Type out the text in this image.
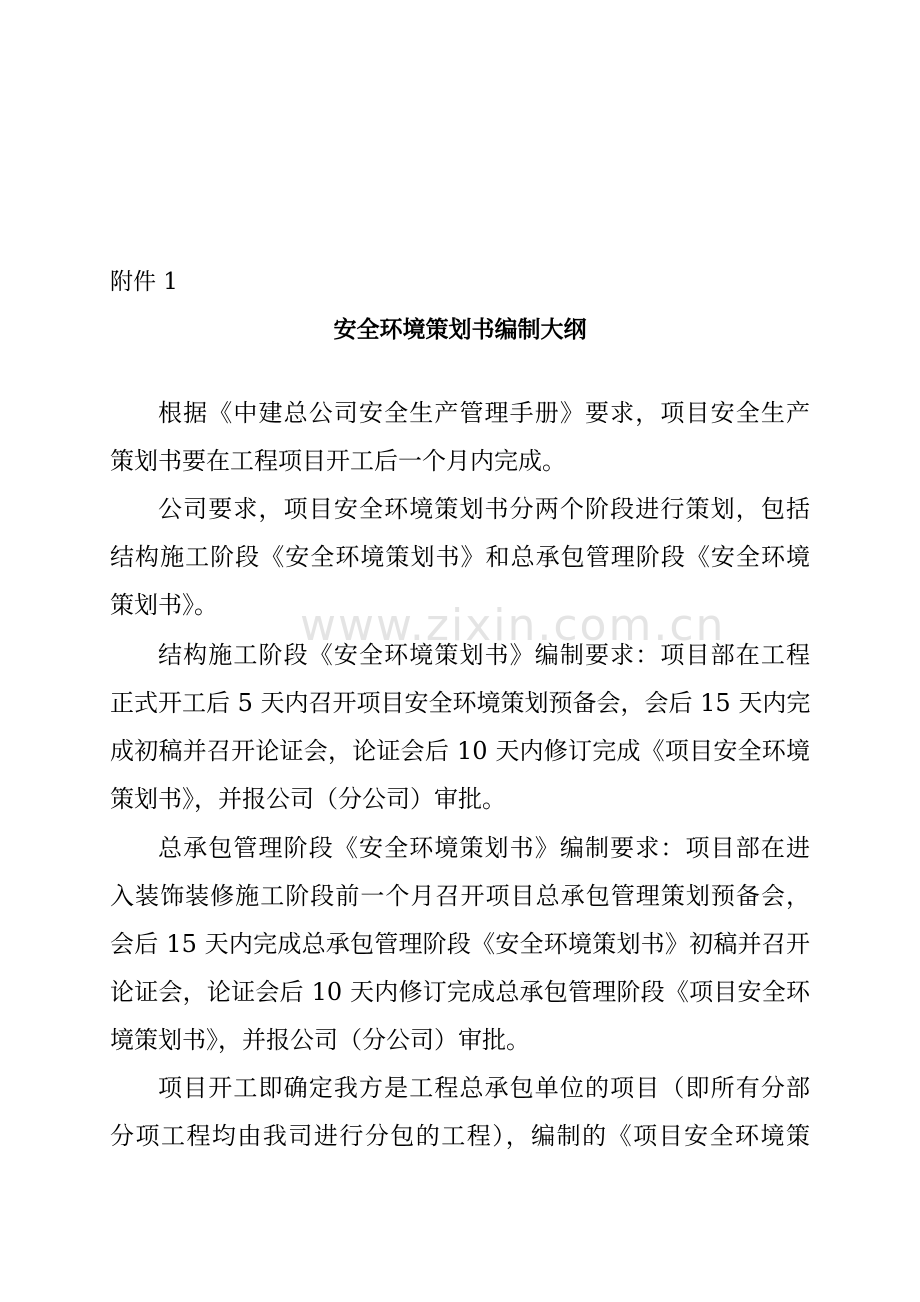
www.zixin.com.cn
附件 1
安全环境策划书编制大纲
根据《中建总公司安全生产管理手册》要求，项目安全生产
策划书要在工程项目开工后一个月内完成。
公司要求，项目安全环境策划书分两个阶段进行策划，包括
结构施工阶段《安全环境策划书》和总承包管理阶段《安全环境
策划书》。
结构施工阶段《安全环境策划书》编制要求：项目部在工程
正式开工后 5 天内召开项目安全环境策划预备会，会后 15 天内完
成初稿并召开论证会，论证会后 10 天内修订完成《项目安全环境
策划书》，并报公司（分公司）审批。
总承包管理阶段《安全环境策划书》编制要求：项目部在进
入装饰装修施工阶段前一个月召开项目总承包管理策划预备会，
会后 15 天内完成总承包管理阶段《安全环境策划书》初稿并召开
论证会，论证会后 10 天内修订完成总承包管理阶段《项目安全环
境策划书》，并报公司（分公司）审批。
项目开工即确定我方是工程总承包单位的项目（即所有分部
分项工程均由我司进行分包的工程），编制的《项目安全环境策
